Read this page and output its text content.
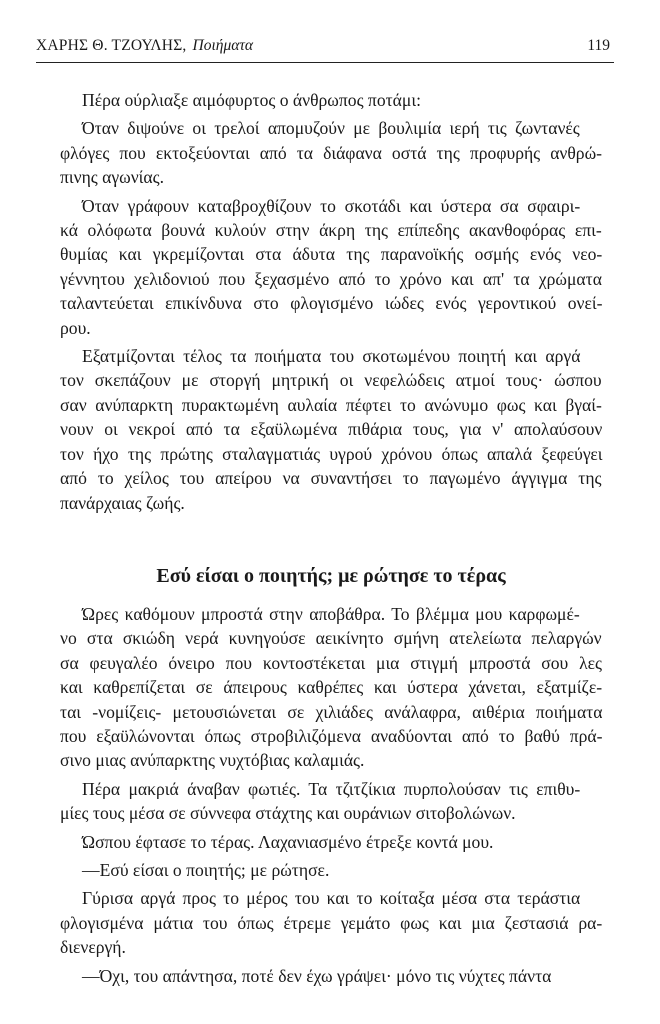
ΧΑΡΗΣ Θ. ΤΖΟΥΛΗΣ, Ποιήματα	119

Πέρα ούρλιαξε αιμόφυρτος ο άνθρωπος ποτάμι:

Όταν διψούνε οι τρελοί απομυζούν με βουλιμία ιερή τις ζωντανές
φλόγες που εκτοξεύονται από τα διάφανα οστά της προφυρής ανθρώ-
πινης αγωνίας.

Όταν γράφουν καταβροχθίζουν το σκοτάδι και ύστερα σα σφαιρι-
κά ολόφωτα βουνά κυλούν στην άκρη της επίπεδης ακανθοφόρας επι-
θυμίας και γκρεμίζονται στα άδυτα της παρανοϊκής οσμής ενός νεο-
γέννητου χελιδονιού που ξεχασμένο από το χρόνο και απ' τα χρώματα
ταλαντεύεται επικίνδυνα στο φλογισμένο ιώδες ενός γεροντικού ονεί-
ρου.

Εξατμίζονται τέλος τα ποιήματα του σκοτωμένου ποιητή και αργά
τον σκεπάζουν με στοργή μητρική οι νεφελώδεις ατμοί τους· ώσπου
σαν ανύπαρκτη πυρακτωμένη αυλαία πέφτει το ανώνυμο φως και βγαί-
νουν οι νεκροί από τα εξαϋλωμένα πιθάρια τους, για ν' απολαύσουν
τον ήχο της πρώτης σταλαγματιάς υγρού χρόνου όπως απαλά ξεφεύγει
από το χείλος του απείρου να συναντήσει το παγωμένο άγγιγμα της
πανάρχαιας ζωής.

Εσύ είσαι ο ποιητής; με ρώτησε το τέρας

Ώρες καθόμουν μπροστά στην αποβάθρα. Το βλέμμα μου καρφωμέ-
νο στα σκιώδη νερά κυνηγούσε αεικίνητο σμήνη ατελείωτα πελαργών
σα φευγαλέο όνειρο που κοντοστέκεται μια στιγμή μπροστά σου λες
και καθρεπίζεται σε άπειρους καθρέπες και ύστερα χάνεται, εξατμίζε-
ται -νομίζεις- μετουσιώνεται σε χιλιάδες ανάλαφρα, αιθέρια ποιήματα
που εξαϋλώνονται όπως στροβιλιζόμενα αναδύονται από το βαθύ πρά-
σινο μιας ανύπαρκτης νυχτόβιας καλαμιάς.

Πέρα μακριά άναβαν φωτιές. Τα τζιτζίκια πυρπολούσαν τις επιθυ-
μίες τους μέσα σε σύννεφα στάχτης και ουράνιων σιτοβολώνων.

Ώσπου έφτασε το τέρας. Λαχανιασμένο έτρεξε κοντά μου.

—Εσύ είσαι ο ποιητής; με ρώτησε.

Γύρισα αργά προς το μέρος του και το κοίταξα μέσα στα τεράστια
φλογισμένα μάτια του όπως έτρεμε γεμάτο φως και μια ζεστασιά ρα-
διενεργή.

—Όχι, του απάντησα, ποτέ δεν έχω γράψει· μόνο τις νύχτες πάντα
